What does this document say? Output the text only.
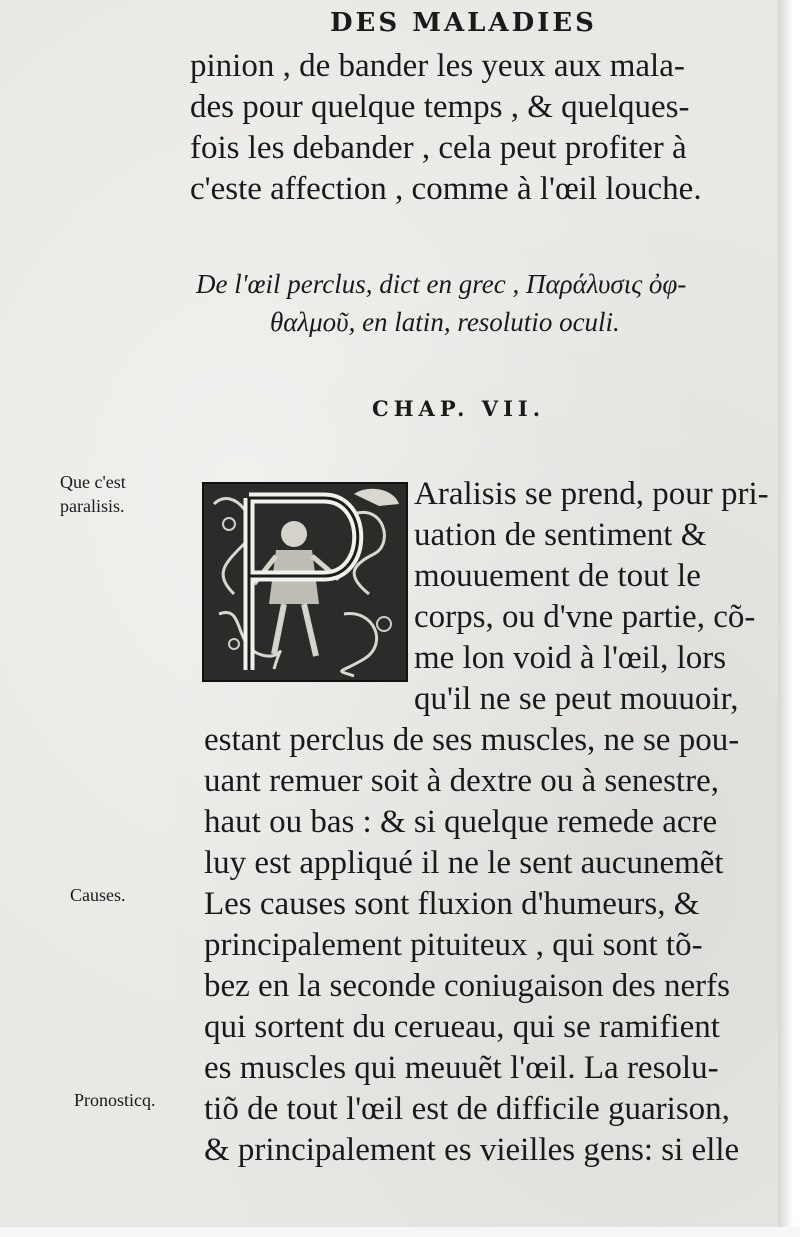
DES MALADIES
pinion , de bander les yeux aux mala-
des pour quelque temps , & quelques-
fois les debander , cela peut profiter à
c'este affection , comme à l'œil louche.
De l'œil perclus, dict en grec , Παράλυσις ὀφ-
θαλμοῦ, en latin, resolutio oculi.
CHAP. VII.
Que c'est
paralisis.
Causes.
Pronosticq.
Aralisis se prend, pour pri-
uation de sentiment &
mouuement de tout le
corps, ou d'vne partie, cõ-
me lon void à l'œil, lors
qu'il ne se peut mouuoir,
estant perclus de ses muscles, ne se pou-
uant remuer soit à dextre ou à senestre,
haut ou bas : & si quelque remede acre
luy est appliqué il ne le sent aucunemẽt
Les causes sont fluxion d'humeurs, &
principalement pituiteux , qui sont tõ-
bez en la seconde coniugaison des nerfs
qui sortent du cerueau, qui se ramifient
es muscles qui meuuẽt l'œil. La resolu-
tiõ de tout l'œil est de difficile guarison,
& principalement es vieilles gens: si elle
